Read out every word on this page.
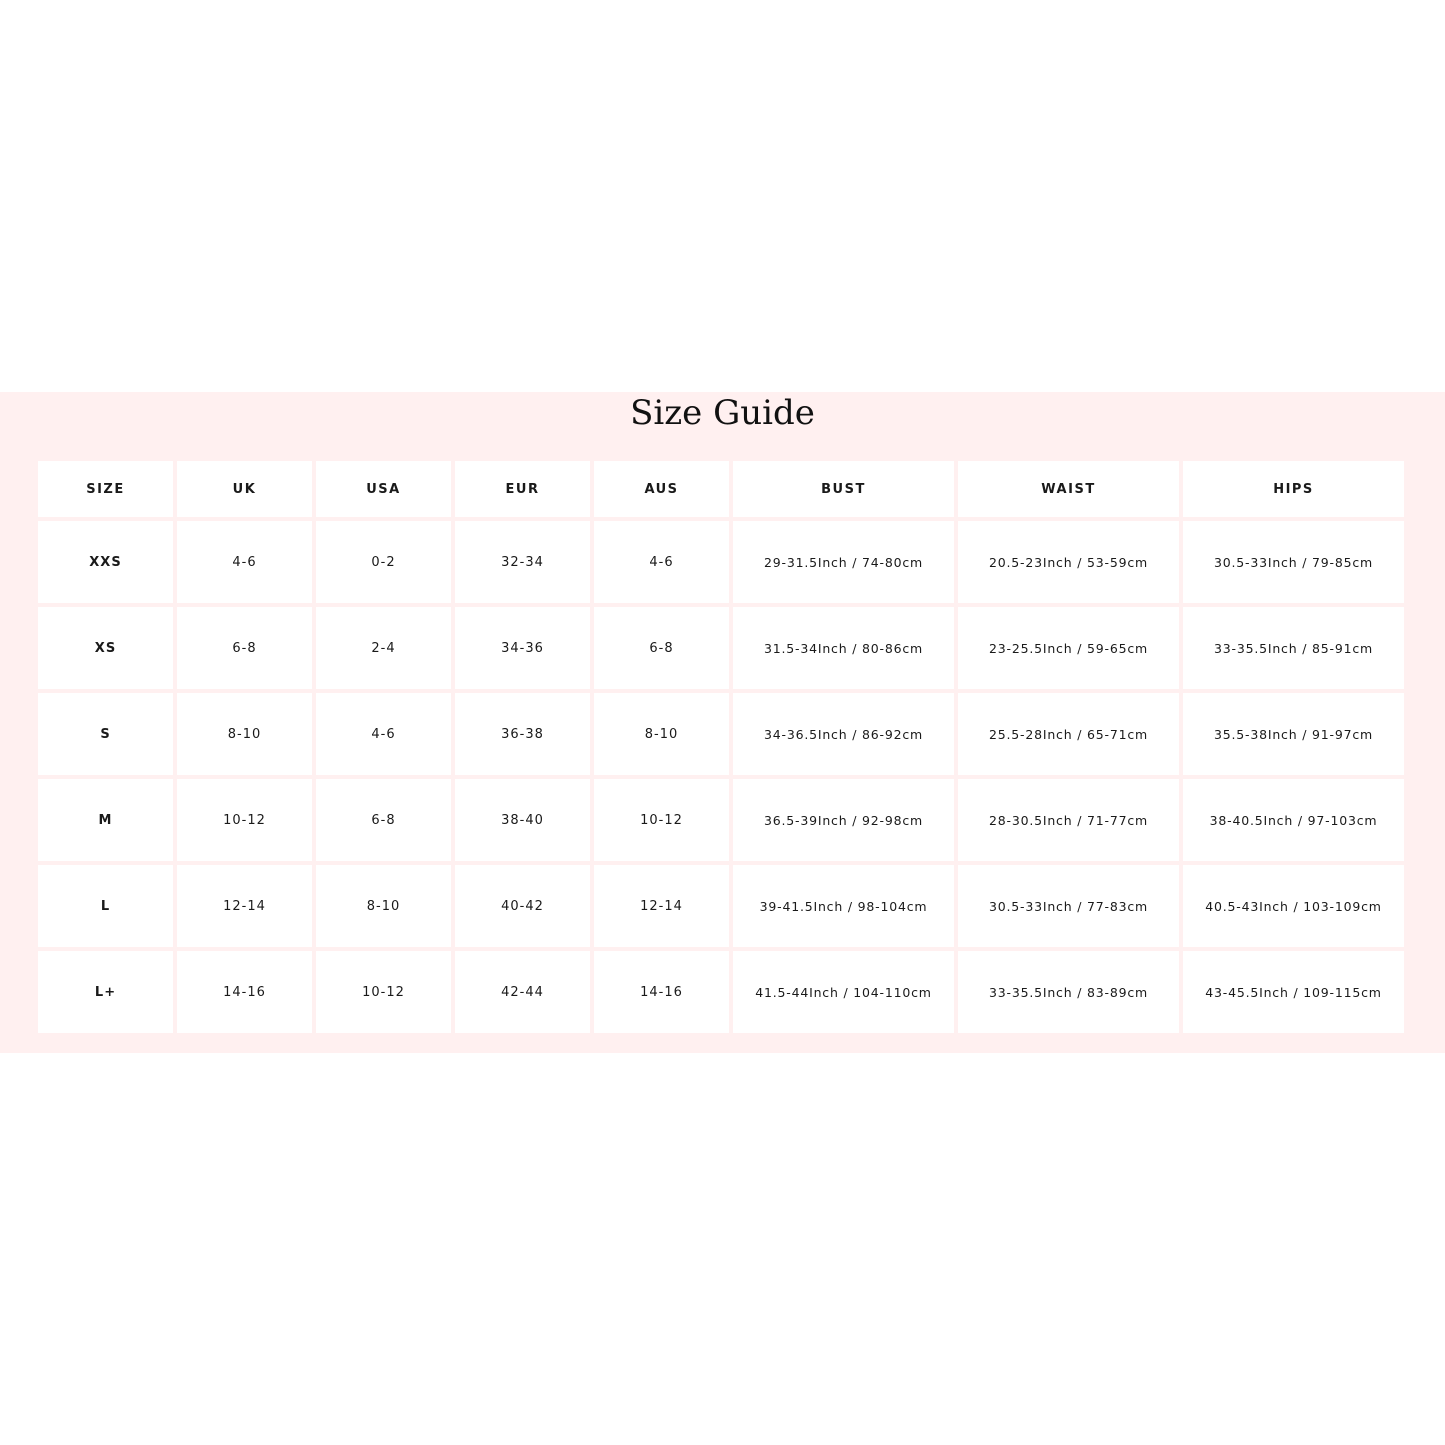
Size Guide
SIZE	UK	USA	EUR	AUS	BUST	WAIST	HIPS
XXS	4-6	0-2	32-34	4-6	29-31.5Inch / 74-80cm	20.5-23Inch / 53-59cm	30.5-33Inch / 79-85cm
XS	6-8	2-4	34-36	6-8	31.5-34Inch / 80-86cm	23-25.5Inch / 59-65cm	33-35.5Inch / 85-91cm
S	8-10	4-6	36-38	8-10	34-36.5Inch / 86-92cm	25.5-28Inch / 65-71cm	35.5-38Inch / 91-97cm
M	10-12	6-8	38-40	10-12	36.5-39Inch / 92-98cm	28-30.5Inch / 71-77cm	38-40.5Inch / 97-103cm
L	12-14	8-10	40-42	12-14	39-41.5Inch / 98-104cm	30.5-33Inch / 77-83cm	40.5-43Inch / 103-109cm
L+	14-16	10-12	42-44	14-16	41.5-44Inch / 104-110cm	33-35.5Inch / 83-89cm	43-45.5Inch / 109-115cm
